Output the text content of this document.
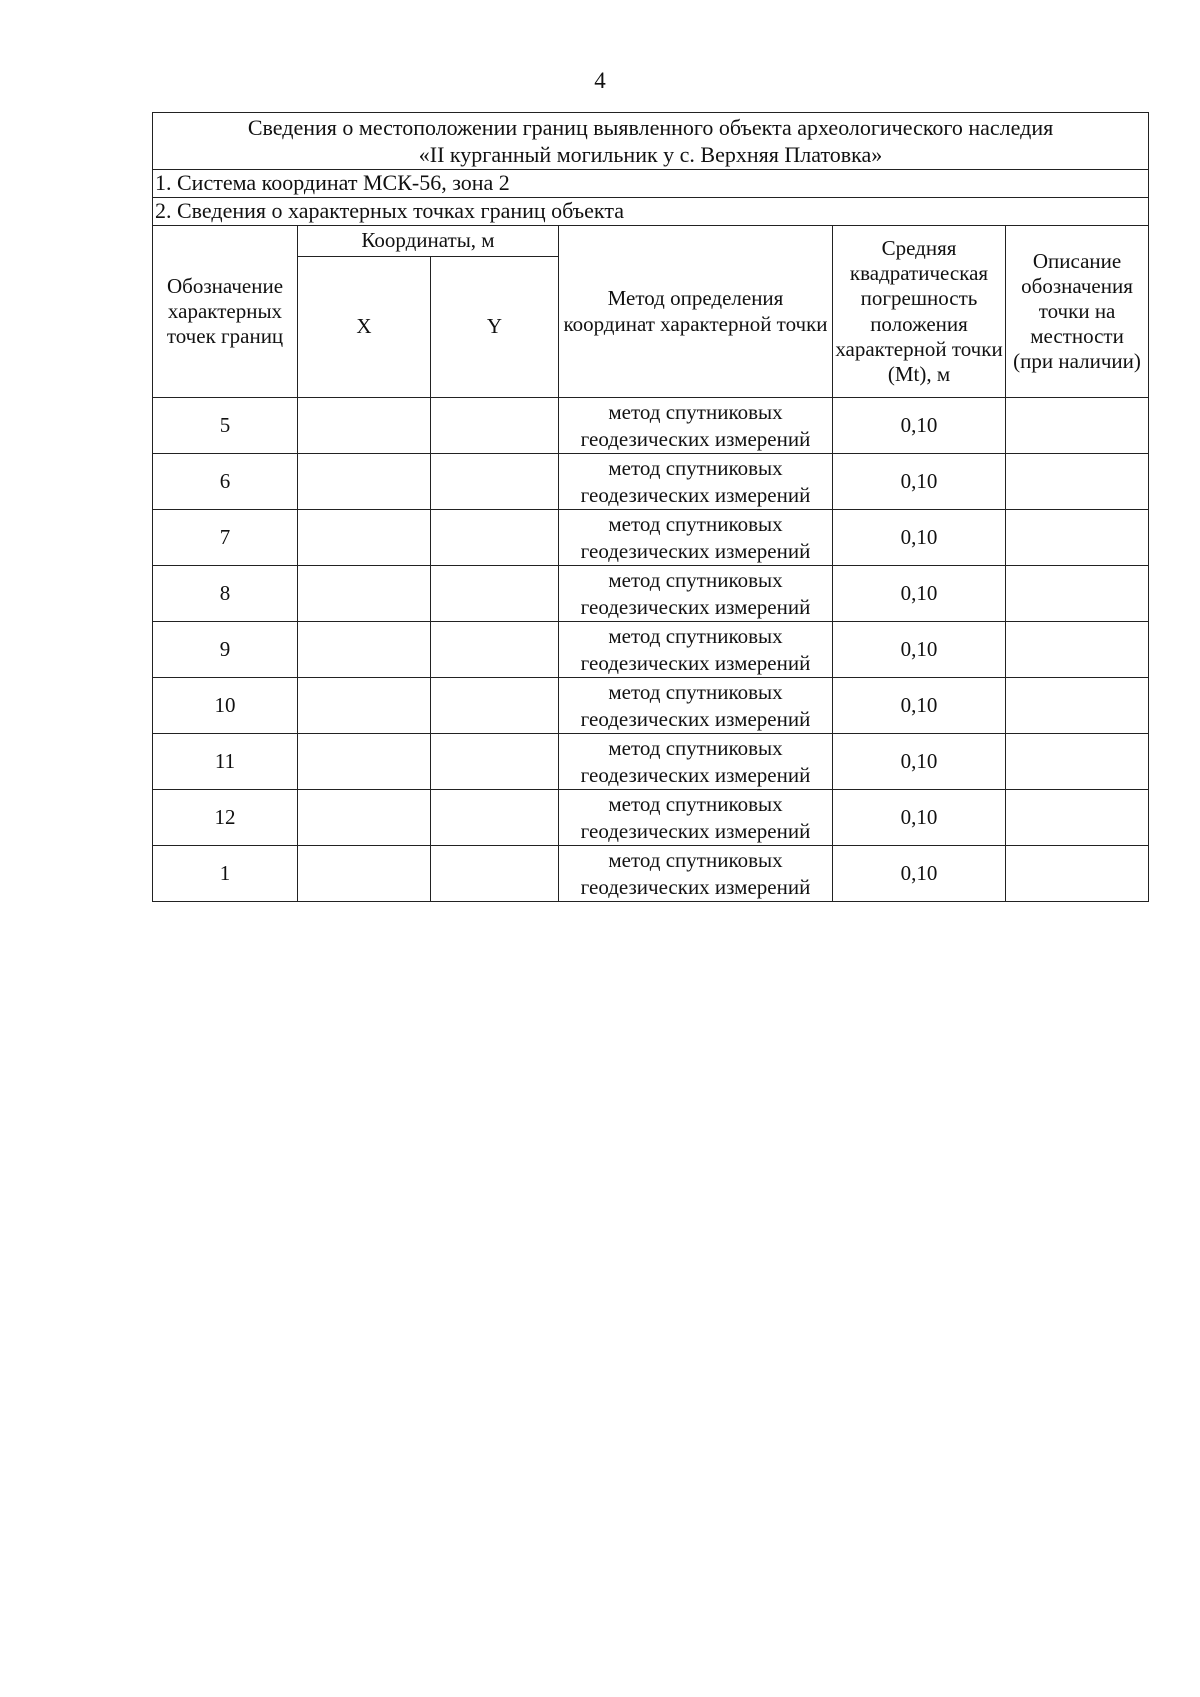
4
Сведения о местоположении границ выявленного объекта археологического наследия
«II курганный могильник у с. Верхняя Платовка»					

1. Система координат МСК-56, зона 2					
2. Сведения о характерных точках границ объекта					
Обозначение характерных точек границ	Координаты, м		Метод определения координат характерной точки	Средняя квадратическая погрешность положения характерной точки (Mt), м	Описание обозначения точки на местности (при наличии)
	X	Y			
5			метод спутниковых геодезических измерений	0,10	
6			метод спутниковых геодезических измерений	0,10	
7			метод спутниковых геодезических измерений	0,10	
8			метод спутниковых геодезических измерений	0,10	
9			метод спутниковых геодезических измерений	0,10	
10			метод спутниковых геодезических измерений	0,10	
11			метод спутниковых геодезических измерений	0,10	
12			метод спутниковых геодезических измерений	0,10	
1			метод спутниковых геодезических измерений	0,10	
